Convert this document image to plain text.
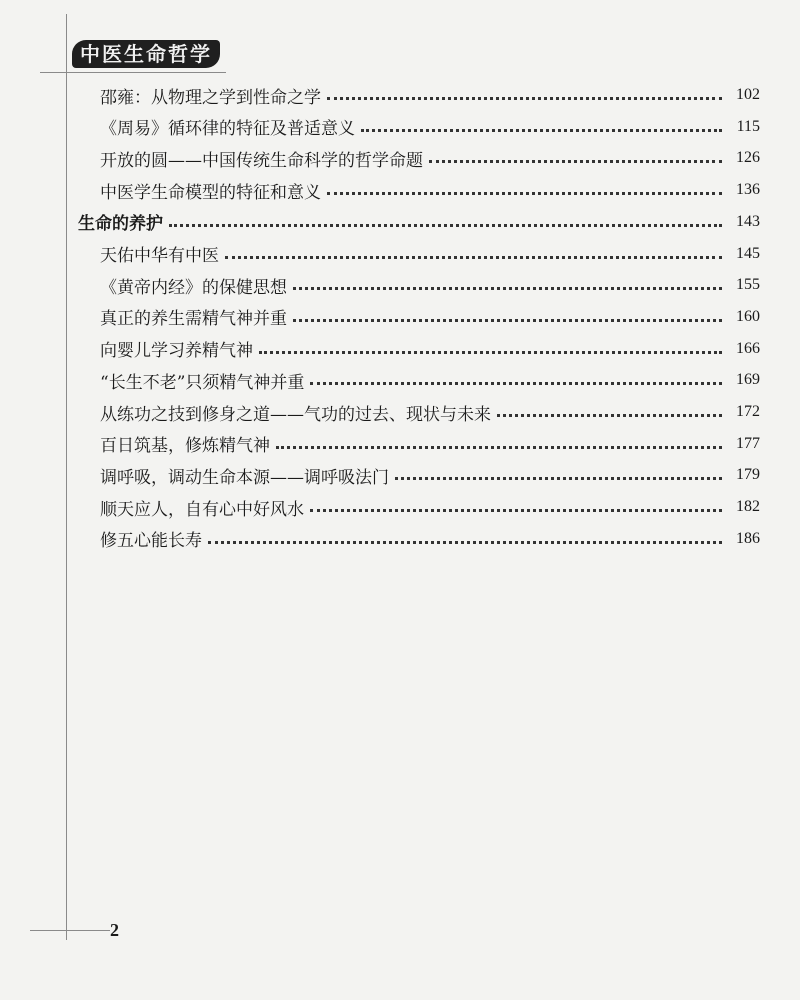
中医生命哲学
邵雍：从物理之学到性命之学	102
《周易》循环律的特征及普适意义	115
开放的圆——中国传统生命科学的哲学命题	126
中医学生命模型的特征和意义	136
生命的养护	143
天佑中华有中医	145
《黄帝内经》的保健思想	155
真正的养生需精气神并重	160
向婴儿学习养精气神	166
“长生不老”只须精气神并重	169
从练功之技到修身之道——气功的过去、现状与未来	172
百日筑基，修炼精气神	177
调呼吸，调动生命本源——调呼吸法门	179
顺天应人，自有心中好风水	182
修五心能长寿	186
2
